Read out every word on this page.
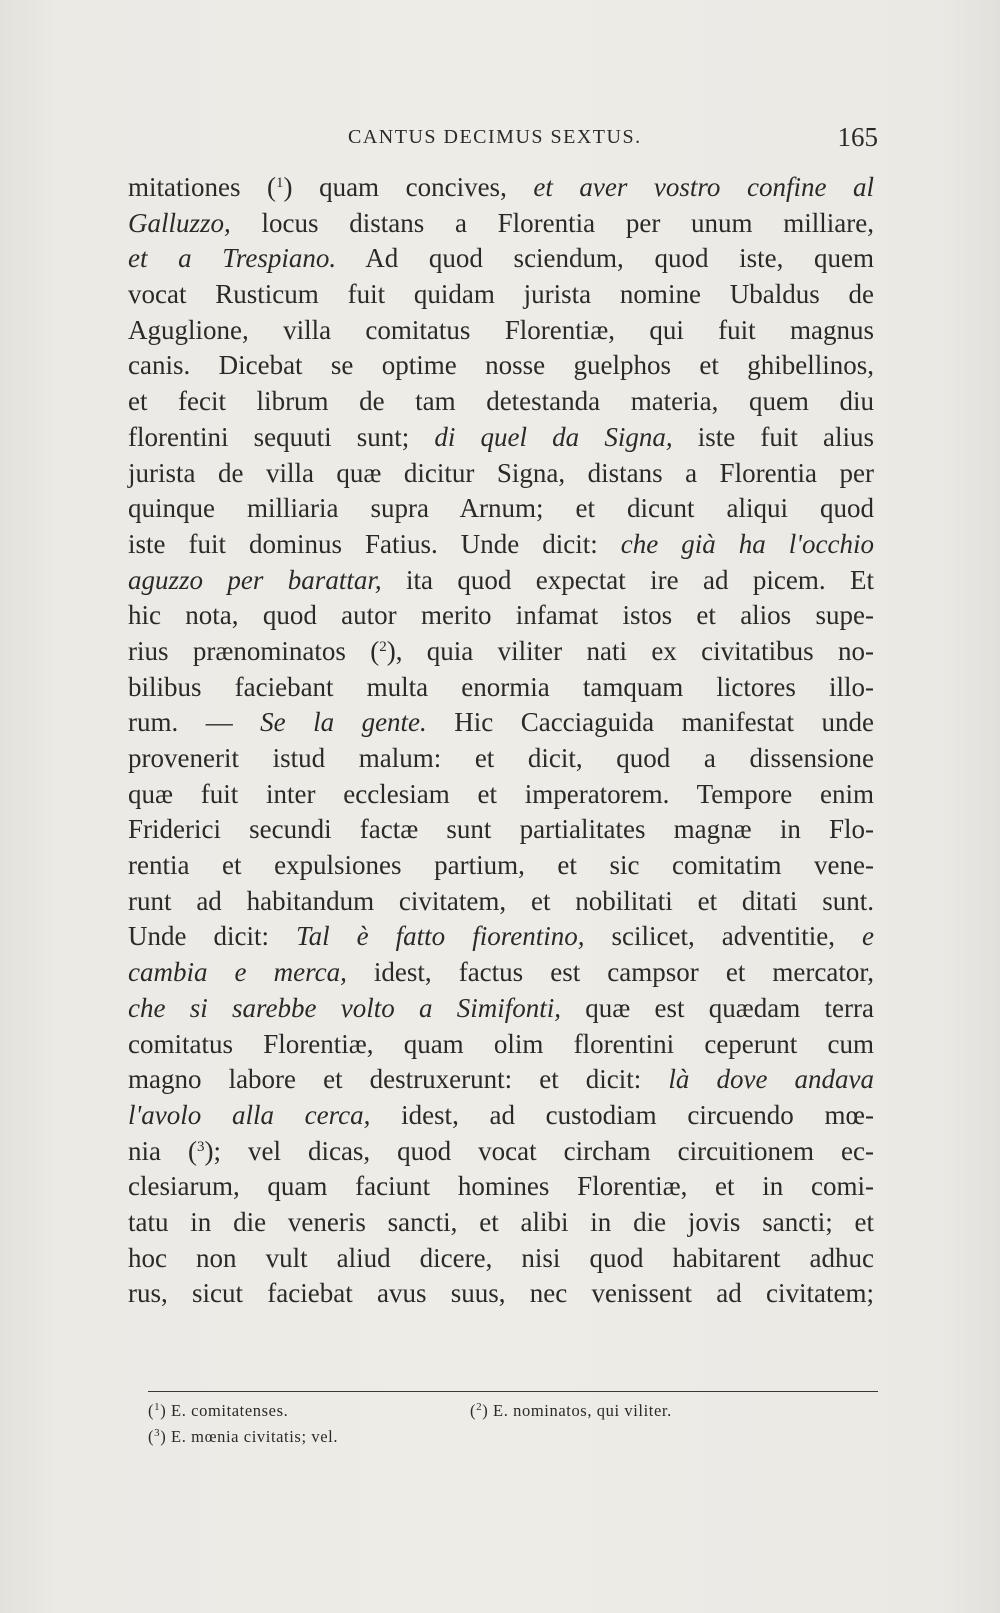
CANTUS DECIMUS SEXTUS.	165
mitationes ($^1$) quam concives, et aver vostro confine al
Galluzzo, locus distans a Florentia per unum milliare,
et a Trespiano. Ad quod sciendum, quod iste, quem
vocat Rusticum fuit quidam jurista nomine Ubaldus de
Aguglione, villa comitatus Florentiæ, qui fuit magnus
canis. Dicebat se optime nosse guelphos et ghibellinos,
et fecit librum de tam detestanda materia, quem diu
florentini sequuti sunt; di quel da Signa, iste fuit alius
jurista de villa quæ dicitur Signa, distans a Florentia per
quinque milliaria supra Arnum; et dicunt aliqui quod
iste fuit dominus Fatius. Unde dicit: che già ha l'occhio
aguzzo per barattar, ita quod expectat ire ad picem. Et
hic nota, quod autor merito infamat istos et alios supe-
rius prænominatos ($^2$), quia viliter nati ex civitatibus no-
bilibus faciebant multa enormia tamquam lictores illo-
rum. — Se la gente. Hic Cacciaguida manifestat unde
provenerit istud malum: et dicit, quod a dissensione
quæ fuit inter ecclesiam et imperatorem. Tempore enim
Friderici secundi factæ sunt partialitates magnæ in Flo-
rentia et expulsiones partium, et sic comitatim vene-
runt ad habitandum civitatem, et nobilitati et ditati sunt.
Unde dicit: Tal è fatto fiorentino, scilicet, adventitie, e
cambia e merca, idest, factus est campsor et mercator,
che si sarebbe volto a Simifonti, quæ est quædam terra
comitatus Florentiæ, quam olim florentini ceperunt cum
magno labore et destruxerunt: et dicit: là dove andava
l'avolo alla cerca, idest, ad custodiam circuendo mœ-
nia ($^3$); vel dicas, quod vocat circham circuitionem ec-
clesiarum, quam faciunt homines Florentiæ, et in comi-
tatu in die veneris sancti, et alibi in die jovis sancti; et
hoc non vult aliud dicere, nisi quod habitarent adhuc
rus, sicut faciebat avus suus, nec venissent ad civitatem;
($^1$) E. comitatenses.	($^2$) E. nominatos, qui viliter.
($^3$) E. mœnia civitatis; vel.
